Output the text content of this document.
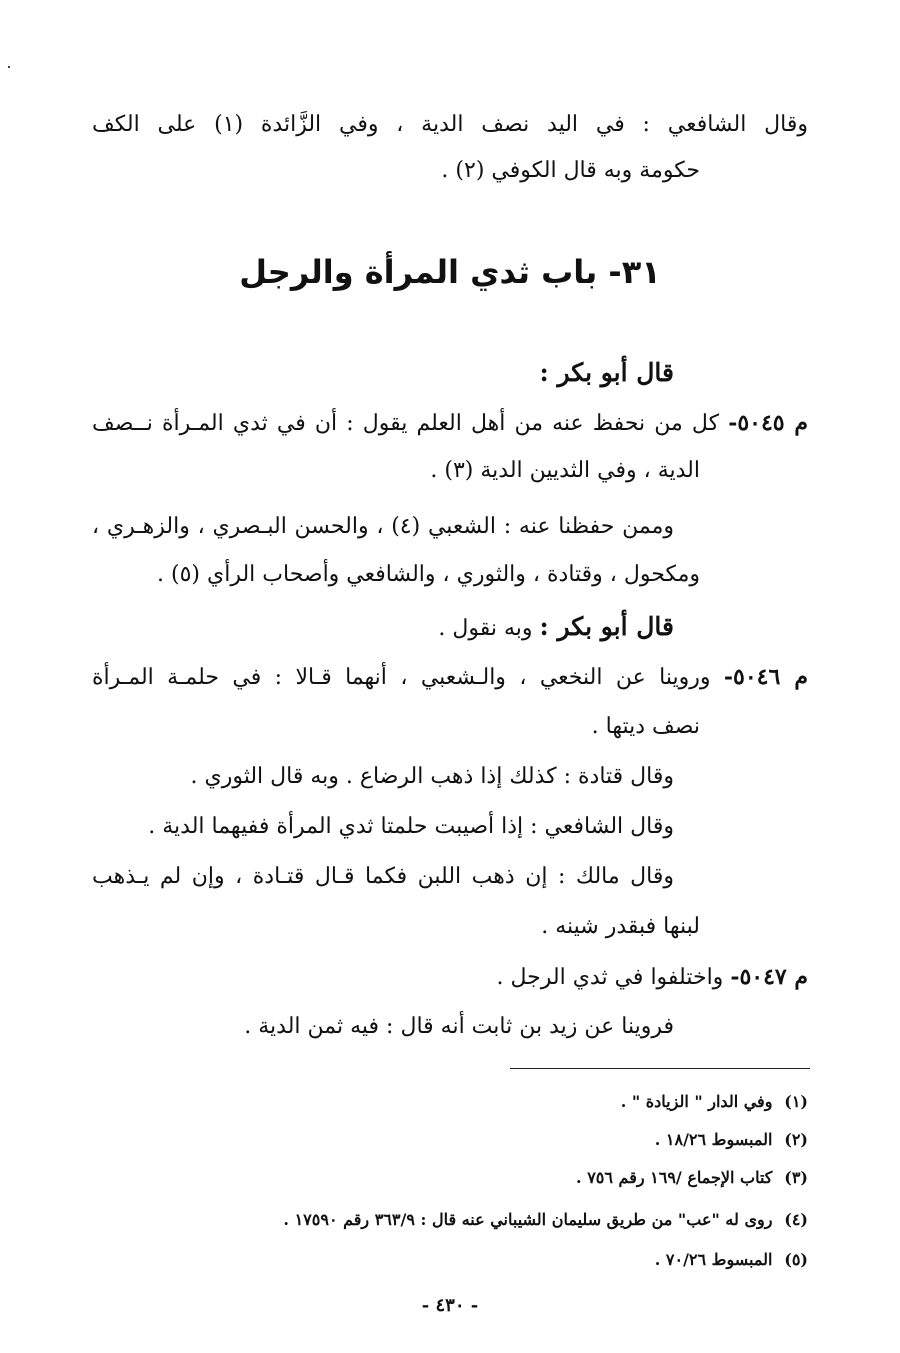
وقال الشافعي : في اليد نصف الدية ، وفي الزَّائدة (١) على الكف
حكومة وبه قال الكوفي (٢) .
٣١- باب ثدي المرأة والرجل
قال أبو بكر :
م ٥٠٤٥- كل من نحفظ عنه من أهل العلم يقول : أن في ثدي المـرأة نــصف
الدية ، وفي الثديين الدية (٣) .
وممن حفظنا عنه : الشعبي (٤) ، والحسن البـصري ، والزهـري ،
ومكحول ، وقتادة ، والثوري ، والشافعي وأصحاب الرأي (٥) .
قال أبو بكر : وبه نقول .
م ٥٠٤٦- وروينا عن النخعي ، والـشعبي ، أنهما قـالا : في حلمـة المـرأة
نصف ديتها .
وقال قتادة : كذلك إذا ذهب الرضاع . وبه قال الثوري .
وقال الشافعي : إذا أصيبت حلمتا ثدي المرأة ففيهما الدية .
وقال مالك : إن ذهب اللبن فكما قـال قتـادة ، وإن لم يـذهب
لبنها فبقدر شينه .
م ٥٠٤٧- واختلفوا في ثدي الرجل .
فروينا عن زيد بن ثابت أنه قال : فيه ثمن الدية .
(١) وفي الدار " الزيادة " .
(٢) المبسوط ١٨/٢٦ .
(٣) كتاب الإجماع /١٦٩ رقم ٧٥٦ .
(٤) روى له "عب" من طريق سليمان الشيباني عنه قال : ٣٦٣/٩ رقم ١٧٥٩٠ .
(٥) المبسوط ٧٠/٢٦ .
- ٤٣٠ -
